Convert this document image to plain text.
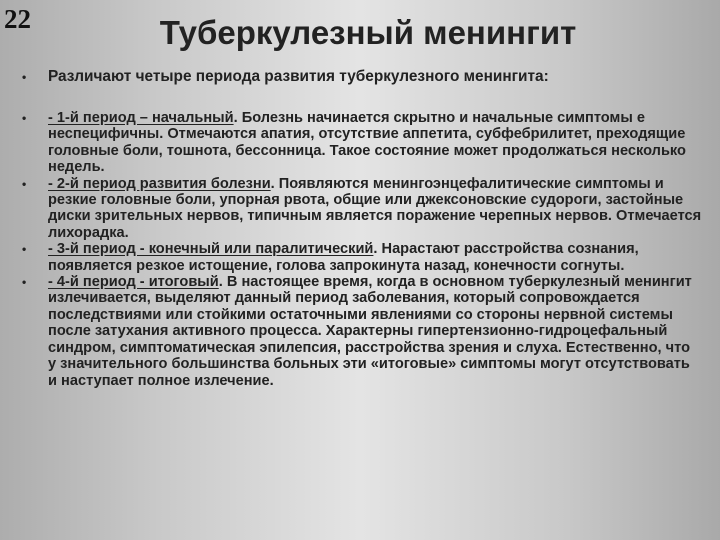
22	Туберкулезный менингит
•	Различают четыре периода развития туберкулезного менингита:
•	- 1-й период – начальный. Болезнь начинается скрытно и начальные симптомы е неспецифичны. Отмечаются апатия, отсутствие аппетита, субфебрилитет, преходящие головные боли, тошнота, бессонница. Такое состояние может продолжаться несколько недель.
•	- 2-й период развития болезни. Появляются менингоэнцефалитические симптомы и резкие головные боли, упорная рвота, общие или джексоновские судороги, застойные диски зрительных нервов, типичным является поражение черепных нервов. Отмечается лихорадка.
•	- 3-й период - конечный или паралитический. Нарастают расстройства сознания, появляется резкое истощение, голова запрокинута назад, конечности согнуты.
•	- 4-й период - итоговый. В настоящее время, когда в основном туберкулезный менингит излечивается, выделяют данный период заболевания, который сопровождается последствиями или стойкими остаточными явлениями со стороны нервной системы после затухания активного процесса. Характерны гипертензионно-гидроцефальный синдром, симптоматическая эпилепсия, расстройства зрения и слуха. Естественно, что у значительного большинства больных эти «итоговые» симптомы могут отсутствовать и наступает полное излечение.
